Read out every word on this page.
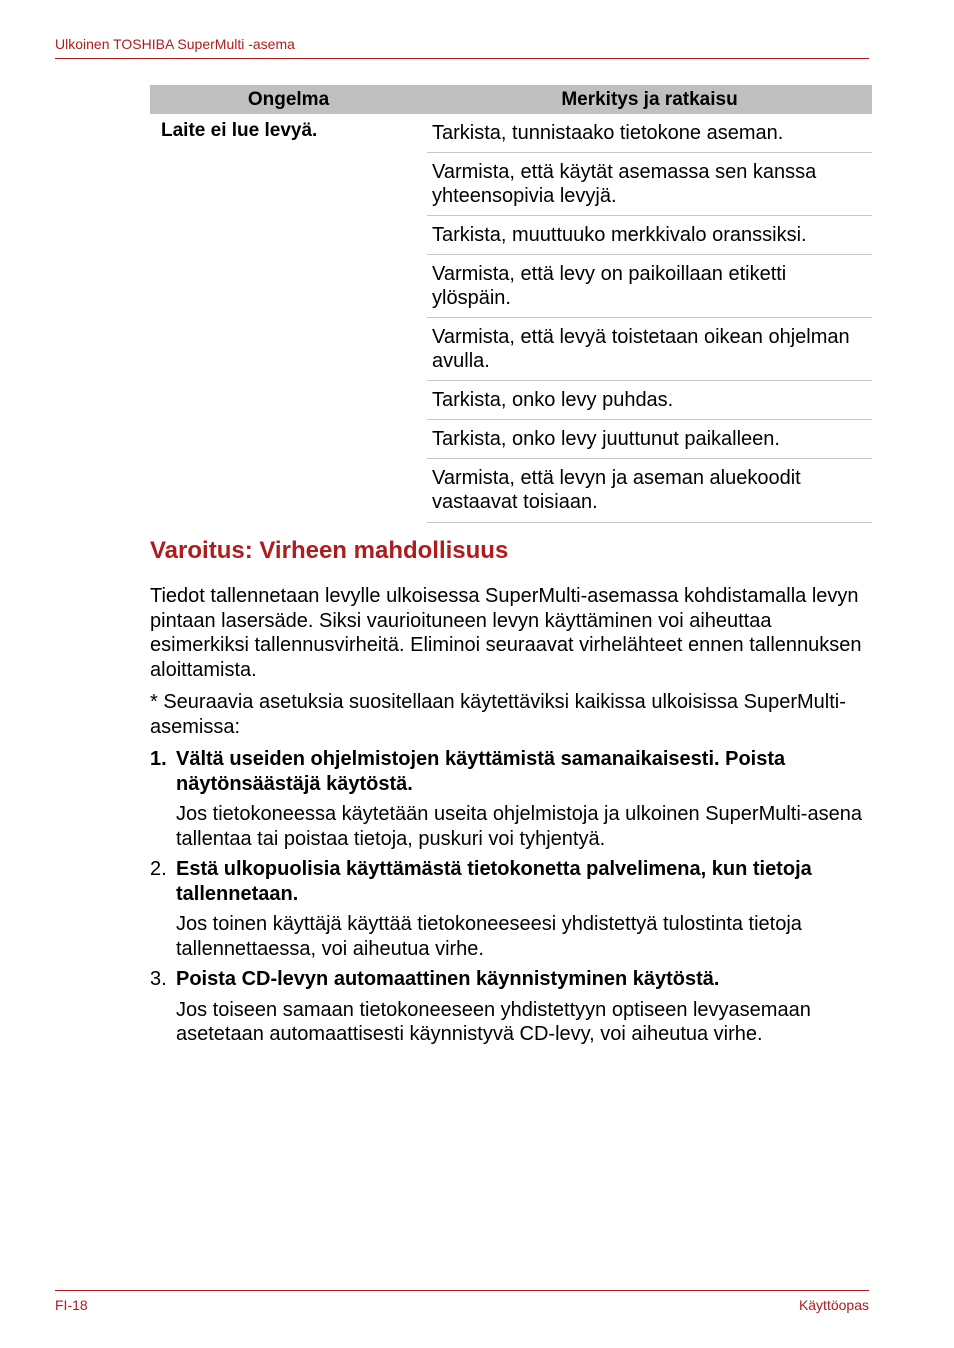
Ulkoinen TOSHIBA SuperMulti -asema
Ongelma	Merkitys ja ratkaisu
Laite ei lue levyä.	Tarkista, tunnistaako tietokone aseman.
	Varmista, että käytät asemassa sen kanssa yhteensopivia levyjä.
	Tarkista, muuttuuko merkkivalo oranssiksi.
	Varmista, että levy on paikoillaan etiketti ylöspäin.
	Varmista, että levyä toistetaan oikean ohjelman avulla.
	Tarkista, onko levy puhdas.
	Tarkista, onko levy juuttunut paikalleen.
	Varmista, että levyn ja aseman aluekoodit vastaavat toisiaan.
Varoitus: Virheen mahdollisuus

Tiedot tallennetaan levylle ulkoisessa SuperMulti-asemassa kohdistamalla levyn pintaan lasersäde. Siksi vaurioituneen levyn käyttäminen voi aiheuttaa esimerkiksi tallennusvirheitä. Eliminoi seuraavat virhelähteet ennen tallennuksen aloittamista.

* Seuraavia asetuksia suositellaan käytettäviksi kaikissa ulkoisissa SuperMulti-asemissa:

1. Vältä useiden ohjelmistojen käyttämistä samanaikaisesti. Poista näytönsäästäjä käytöstä.

Jos tietokoneessa käytetään useita ohjelmistoja ja ulkoinen SuperMulti-asena tallentaa tai poistaa tietoja, puskuri voi tyhjentyä.

2. Estä ulkopuolisia käyttämästä tietokonetta palvelimena, kun tietoja tallennetaan.

Jos toinen käyttäjä käyttää tietokoneeseesi yhdistettyä tulostinta tietoja tallennettaessa, voi aiheutua virhe.

3. Poista CD-levyn automaattinen käynnistyminen käytöstä.

Jos toiseen samaan tietokoneeseen yhdistettyyn optiseen levyasemaan asetetaan automaattisesti käynnistyvä CD-levy, voi aiheutua virhe.

FI-18	Käyttöopas
